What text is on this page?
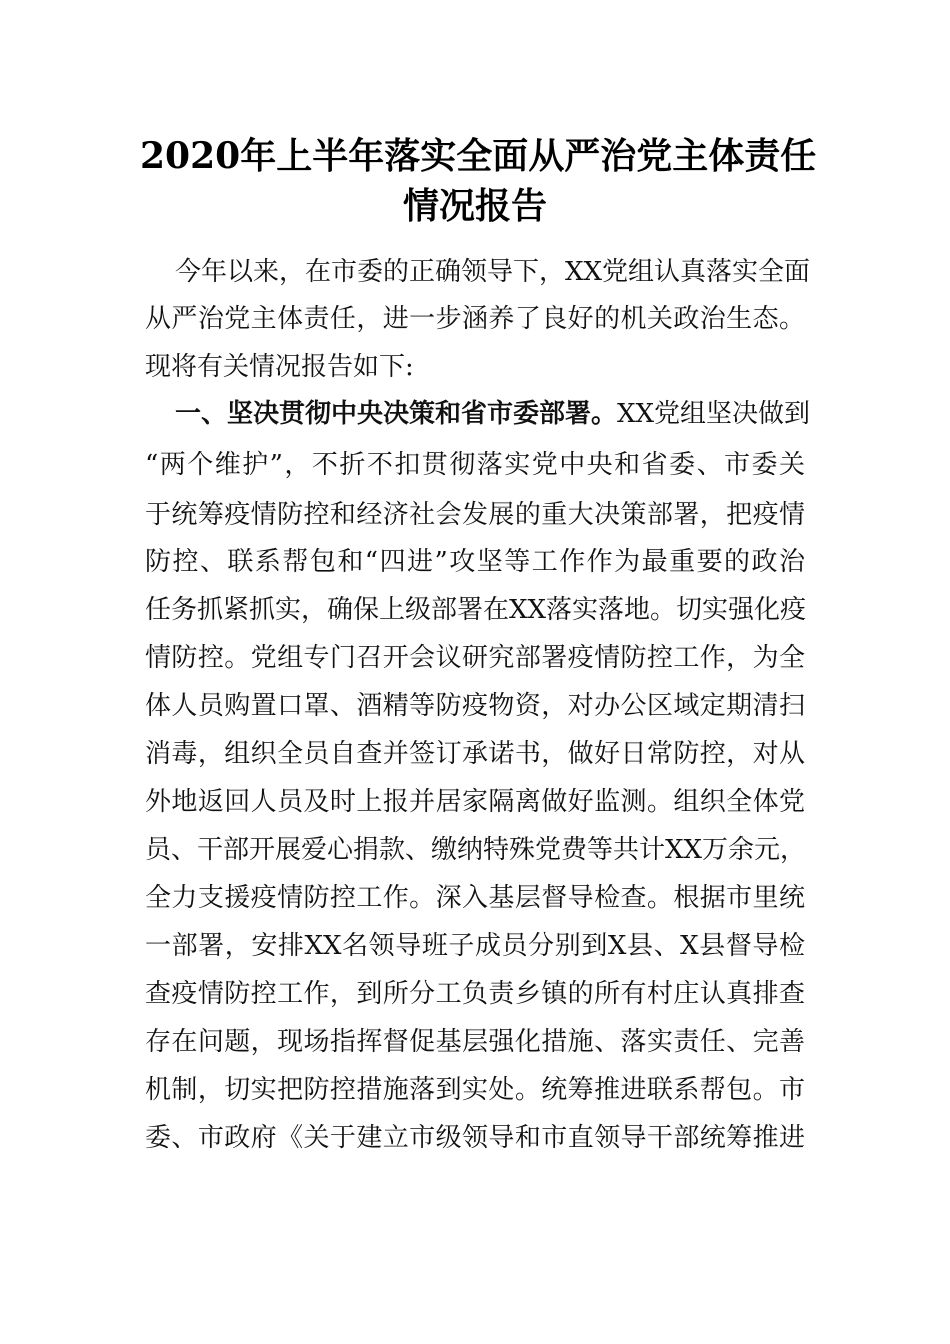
2020年上半年落实全面从严治党主体责任
情况报告
今年以来，在市委的正确领导下，XX党组认真落实全面
从严治党主体责任，进一步涵养了良好的机关政治生态。
现将有关情况报告如下:
一、坚决贯彻中央决策和省市委部署。XX党组坚决做到
“两个维护”，不折不扣贯彻落实党中央和省委、市委关
于统筹疫情防控和经济社会发展的重大决策部署，把疫情
防控、联系帮包和“四进”攻坚等工作作为最重要的政治
任务抓紧抓实，确保上级部署在XX落实落地。切实强化疫
情防控。党组专门召开会议研究部署疫情防控工作，为全
体人员购置口罩、酒精等防疫物资，对办公区域定期清扫
消毒，组织全员自查并签订承诺书，做好日常防控，对从
外地返回人员及时上报并居家隔离做好监测。组织全体党
员、干部开展爱心捐款、缴纳特殊党费等共计XX万余元，
全力支援疫情防控工作。深入基层督导检查。根据市里统
一部署，安排XX名领导班子成员分别到X县、X县督导检
查疫情防控工作，到所分工负责乡镇的所有村庄认真排查
存在问题，现场指挥督促基层强化措施、落实责任、完善
机制，切实把防控措施落到实处。统筹推进联系帮包。市
委、市政府《关于建立市级领导和市直领导干部统筹推进
